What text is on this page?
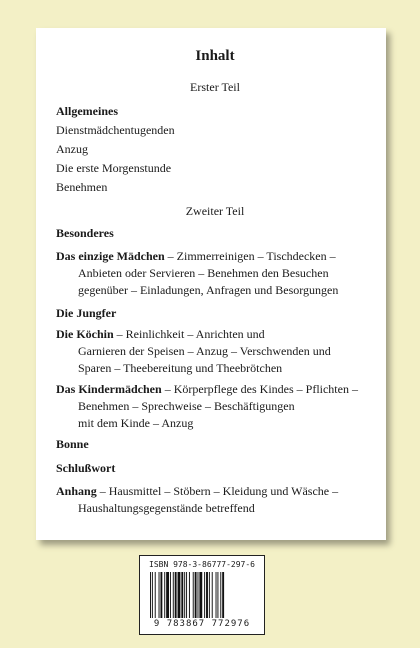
Inhalt
Erster Teil
Allgemeines
Dienstmädchentugenden
Anzug
Die erste Morgenstunde
Benehmen
Zweiter Teil
Besonderes
Das einzige Mädchen – Zimmerreinigen – Tischdecken –
Anbieten oder Servieren – Benehmen den Besuchen
gegenüber – Einladungen, Anfragen und Besorgungen
Die Jungfer
Die Köchin – Reinlichkeit – Anrichten und
Garnieren der Speisen – Anzug – Verschwenden und
Sparen – Theebereitung und Theebrötchen
Das Kindermädchen – Körperpflege des Kindes – Pflichten –
Benehmen – Sprechweise – Beschäftigungen
mit dem Kinde – Anzug
Bonne
Schlußwort
Anhang – Hausmittel – Stöbern – Kleidung und Wäsche –
Haushaltungsgegenstände betreffend
ISBN 978-3-86777-297-6
9 783867 772976
